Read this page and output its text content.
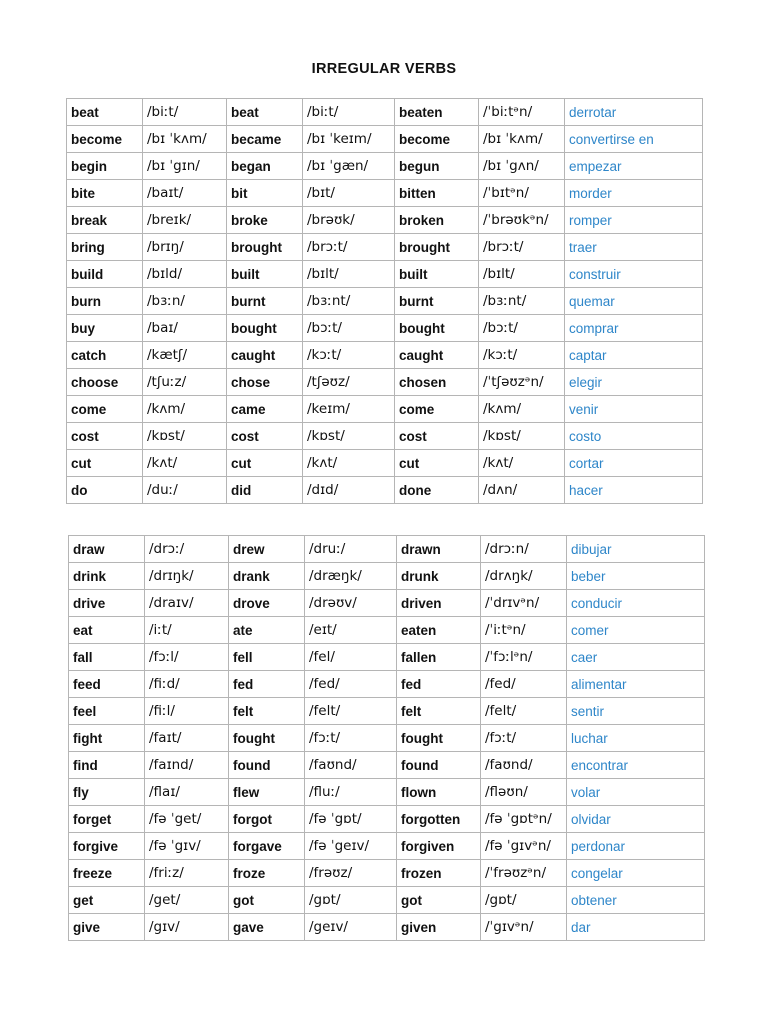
IRREGULAR VERBS
beat	/biːt/	beat	/biːt/	beaten	/ˈbiːtᵊn/	derrotar
become	/bɪ ˈkʌm/	became	/bɪ ˈkeɪm/	become	/bɪ ˈkʌm/	convertirse en
begin	/bɪ ˈgɪn/	began	/bɪ ˈgæn/	begun	/bɪ ˈgʌn/	empezar
bite	/baɪt/	bit	/bɪt/	bitten	/ˈbɪtᵊn/	morder
break	/breɪk/	broke	/brəʊk/	broken	/ˈbrəʊkᵊn/	romper
bring	/brɪŋ/	brought	/brɔːt/	brought	/brɔːt/	traer
build	/bɪld/	built	/bɪlt/	built	/bɪlt/	construir
burn	/bɜːn/	burnt	/bɜːnt/	burnt	/bɜːnt/	quemar
buy	/baɪ/	bought	/bɔːt/	bought	/bɔːt/	comprar
catch	/kætʃ/	caught	/kɔːt/	caught	/kɔːt/	captar
choose	/tʃuːz/	chose	/tʃəʊz/	chosen	/ˈtʃəʊzᵊn/	elegir
come	/kʌm/	came	/keɪm/	come	/kʌm/	venir
cost	/kɒst/	cost	/kɒst/	cost	/kɒst/	costo
cut	/kʌt/	cut	/kʌt/	cut	/kʌt/	cortar
do	/duː/	did	/dɪd/	done	/dʌn/	hacer
draw	/drɔː/	drew	/druː/	drawn	/drɔːn/	dibujar
drink	/drɪŋk/	drank	/dræŋk/	drunk	/drʌŋk/	beber
drive	/draɪv/	drove	/drəʊv/	driven	/ˈdrɪvᵊn/	conducir
eat	/iːt/	ate	/eɪt/	eaten	/ˈiːtᵊn/	comer
fall	/fɔːl/	fell	/fel/	fallen	/ˈfɔːlᵊn/	caer
feed	/fiːd/	fed	/fed/	fed	/fed/	alimentar
feel	/fiːl/	felt	/felt/	felt	/felt/	sentir
fight	/faɪt/	fought	/fɔːt/	fought	/fɔːt/	luchar
find	/faɪnd/	found	/faʊnd/	found	/faʊnd/	encontrar
fly	/flaɪ/	flew	/fluː/	flown	/fləʊn/	volar
forget	/fə ˈget/	forgot	/fə ˈgɒt/	forgotten	/fə ˈgɒtᵊn/	olvidar
forgive	/fə ˈgɪv/	forgave	/fə ˈgeɪv/	forgiven	/fə ˈgɪvᵊn/	perdonar
freeze	/friːz/	froze	/frəʊz/	frozen	/ˈfrəʊzᵊn/	congelar
get	/get/	got	/gɒt/	got	/gɒt/	obtener
give	/gɪv/	gave	/geɪv/	given	/ˈgɪvᵊn/	dar
